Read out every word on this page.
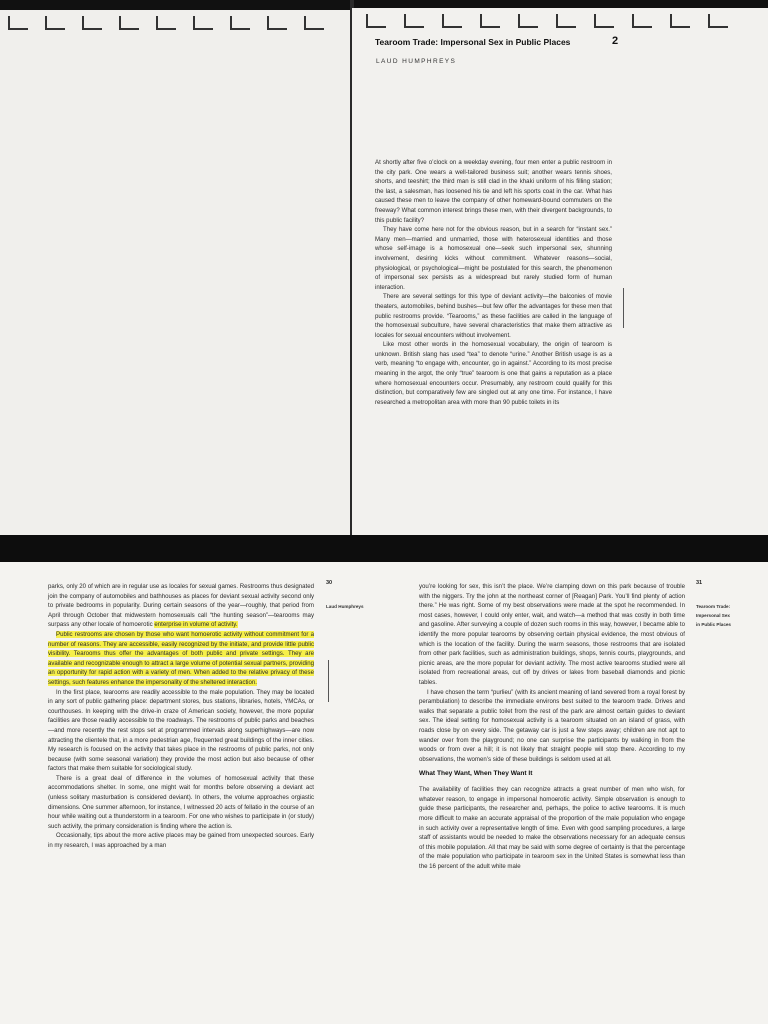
Tearoom Trade: Impersonal Sex in Public Places	2
LAUD HUMPHREYS

At shortly after five o’clock on a weekday evening, four men enter a public restroom in the city park. One wears a well-tailored business suit; another wears tennis shoes, shorts, and teeshirt; the third man is still clad in the khaki uniform of his filling station; the last, a salesman, has loosened his tie and left his sports coat in the car. What has caused these men to leave the company of other homeward-bound commuters on the freeway? What common interest brings these men, with their divergent backgrounds, to this public facility?

They have come here not for the obvious reason, but in a search for “instant sex.” Many men—married and unmarried, those with heterosexual identities and those whose self-image is a homosexual one—seek such impersonal sex, shunning involvement, desiring kicks without commitment. Whatever reasons—social, physiological, or psychological—might be postulated for this search, the phenomenon of impersonal sex persists as a widespread but rarely studied form of human interaction.

There are several settings for this type of deviant activity—the balconies of movie theaters, automobiles, behind bushes—but few offer the advantages for these men that public restrooms provide. “Tearooms,” as these facilities are called in the language of the homosexual subculture, have several characteristics that make them attractive as locales for sexual encounters without involvement.

Like most other words in the homosexual vocabulary, the origin of tearoom is unknown. British slang has used “tea” to denote “urine.” Another British usage is as a verb, meaning “to engage with, encounter, go in against.” According to its most precise meaning in the argot, the only “true” tearoom is one that gains a reputation as a place where homosexual encounters occur. Presumably, any restroom could qualify for this distinction, but comparatively few are singled out at any one time. For instance, I have researched a metropolitan area with more than 90 public toilets in its

30
Laud Humphreys

parks, only 20 of which are in regular use as locales for sexual games. Restrooms thus designated join the company of automobiles and bathhouses as places for deviant sexual activity second only to private bedrooms in popularity. During certain seasons of the year—roughly, that period from April through October that midwestern homosexuals call “the hunting season”—tearooms may surpass any other locale of homoerotic enterprise in volume of activity.

Public restrooms are chosen by those who want homoerotic activity without commitment for a number of reasons. They are accessible, easily recognized by the initiate, and provide little public visibility. Tearooms thus offer the advantages of both public and private settings. They are available and recognizable enough to attract a large volume of potential sexual partners, providing an opportunity for rapid action with a variety of men. When added to the relative privacy of these settings, such features enhance the impersonality of the sheltered interaction.

In the first place, tearooms are readily accessible to the male population. They may be located in any sort of public gathering place: department stores, bus stations, libraries, hotels, YMCAs, or courthouses. In keeping with the drive-in craze of American society, however, the more popular facilities are those readily accessible to the roadways. The restrooms of public parks and beaches—and more recently the rest stops set at programmed intervals along superhighways—are now attracting the clientele that, in a more pedestrian age, frequented great buildings of the inner cities. My research is focused on the activity that takes place in the restrooms of public parks, not only because (with some seasonal variation) they provide the most action but also because of other factors that make them suitable for sociological study.

There is a great deal of difference in the volumes of homosexual activity that these accommodations shelter. In some, one might wait for months before observing a deviant act (unless solitary masturbation is considered deviant). In others, the volume approaches orgiastic dimensions. One summer afternoon, for instance, I witnessed 20 acts of fellatio in the course of an hour while waiting out a thunderstorm in a tearoom. For one who wishes to participate in (or study) such activity, the primary consideration is finding where the action is.

Occasionally, tips about the more active places may be gained from unexpected sources. Early in my research, I was approached by a man

31
Tearoom Trade:
Impersonal Sex
in Public Places

you’re looking for sex, this isn’t the place. We’re clamping down on this park because of trouble with the niggers. Try the john at the northeast corner of [Reagan] Park. You’ll find plenty of action there.” He was right. Some of my best observations were made at the spot he recommended. In most cases, however, I could only enter, wait, and watch—a method that was costly in both time and gasoline. After surveying a couple of dozen such rooms in this way, however, I became able to identify the more popular tearooms by observing certain physical evidence, the most obvious of which is the location of the facility. During the warm seasons, those restrooms that are isolated from other park facilities, such as administration buildings, shops, tennis courts, playgrounds, and picnic areas, are the more popular for deviant activity. The most active tearooms studied were all isolated from recreational areas, cut off by drives or lakes from baseball diamonds and picnic tables.

I have chosen the term “purlieu” (with its ancient meaning of land severed from a royal forest by perambulation) to describe the immediate environs best suited to the tearoom trade. Drives and walks that separate a public toilet from the rest of the park are almost certain guides to deviant sex. The ideal setting for homosexual activity is a tearoom situated on an island of grass, with roads close by on every side. The getaway car is just a few steps away; children are not apt to wander over from the playground; no one can surprise the participants by walking in from the woods or from over a hill; it is not likely that straight people will stop there. According to my observations, the women’s side of these buildings is seldom used at all.

What They Want, When They Want It

The availability of facilities they can recognize attracts a great number of men who wish, for whatever reason, to engage in impersonal homoerotic activity. Simple observation is enough to guide these participants, the researcher and, perhaps, the police to active tearooms. It is much more difficult to make an accurate appraisal of the proportion of the male population who engage in such activity over a representative length of time. Even with good sampling procedures, a large staff of assistants would be needed to make the observations necessary for an adequate census of this mobile population. All that may be said with some degree of certainty is that the percentage of the male population who participate in tearoom sex in the United States is somewhat less than the 16 percent of the adult white male
